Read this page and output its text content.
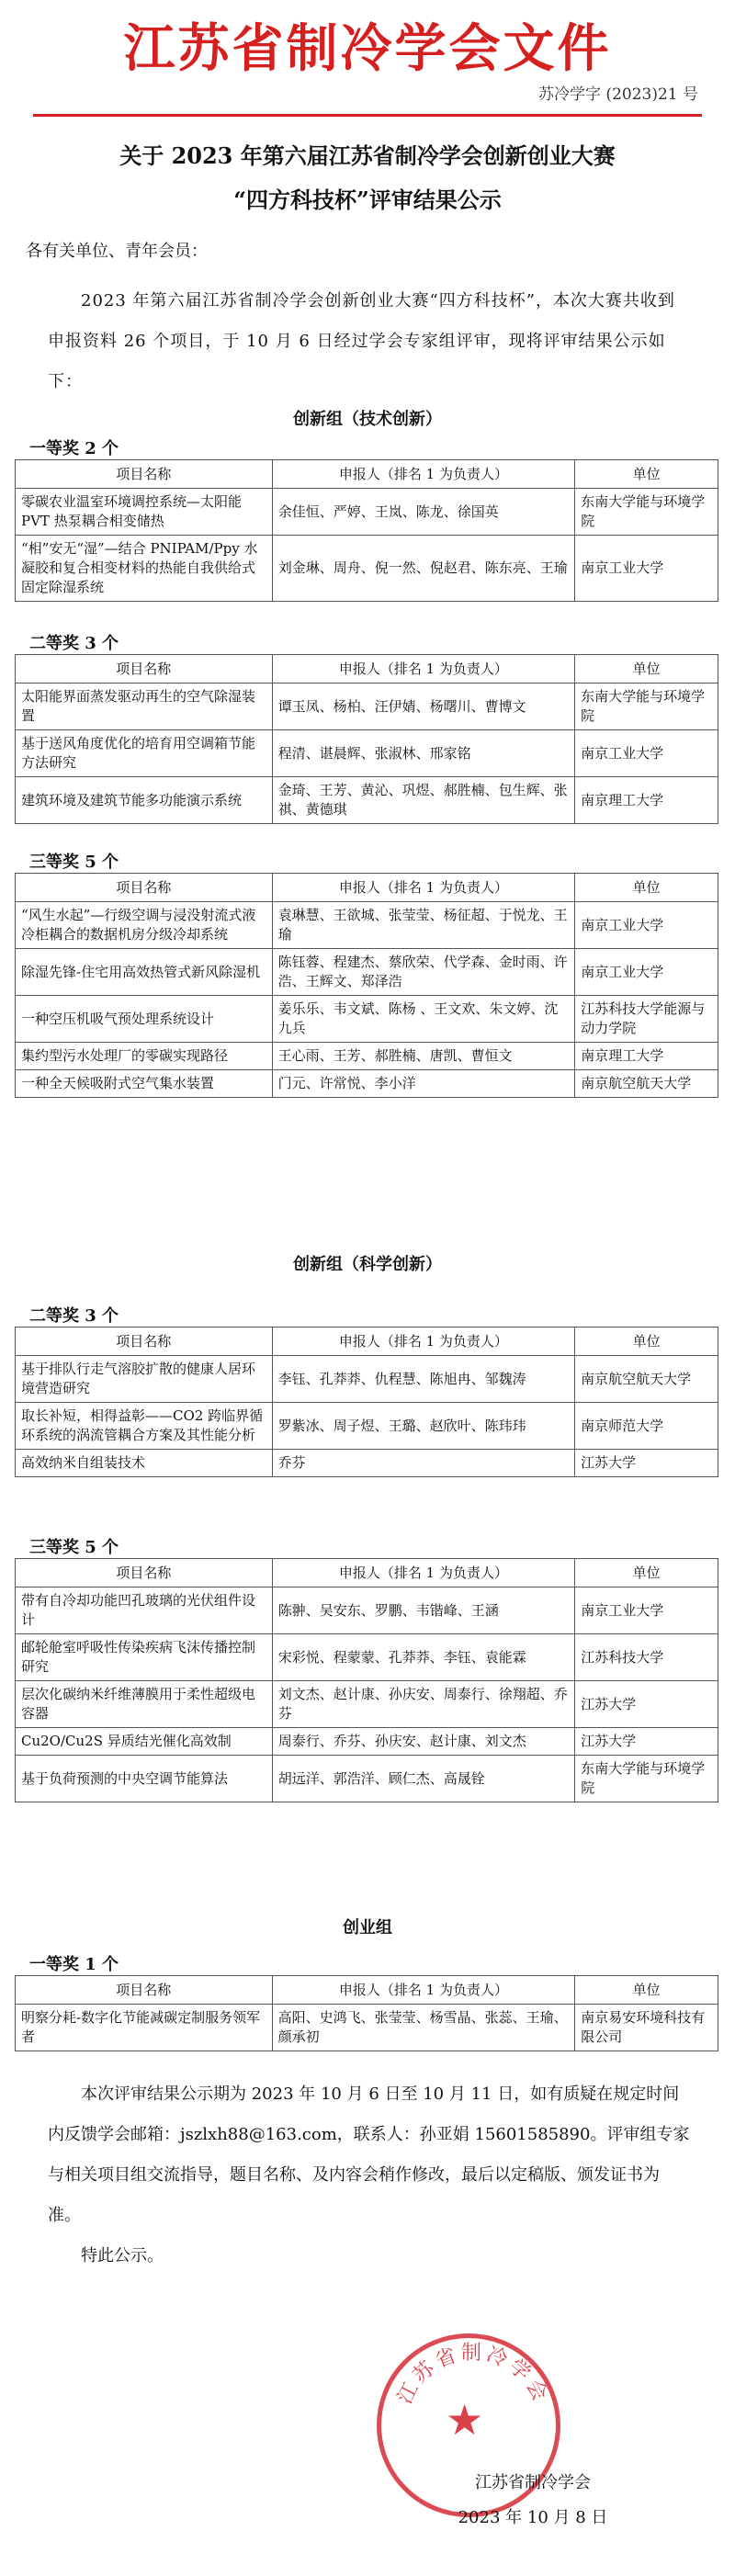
江苏省制冷学会文件
苏冷学字 (2023)21 号
关于 2023 年第六届江苏省制冷学会创新创业大赛
“四方科技杯”评审结果公示
各有关单位、青年会员：
2023 年第六届江苏省制冷学会创新创业大赛“四方科技杯”，本次大赛共收到申报资料 26 个项目，于 10 月 6 日经过学会专家组评审，现将评审结果公示如下：
创新组（技术创新）
一等奖 2 个
项目名称	申报人（排名 1 为负责人）	单位
零碳农业温室环境调控系统—太阳能 PVT 热泵耦合相变储热	余佳恒、严婷、王岚、陈龙、徐国英	东南大学能与环境学院
“相”安无“湿”—结合 PNIPAM/Ppy 水凝胶和复合相变材料的热能自我供给式固定除湿系统	刘金琳、周舟、倪一然、倪赵君、陈东亮、王瑜	南京工业大学
二等奖 3 个
项目名称	申报人（排名 1 为负责人）	单位
太阳能界面蒸发驱动再生的空气除湿装置	谭玉凤、杨柏、汪伊婧、杨曙川、曹博文	东南大学能与环境学院
基于送风角度优化的培育用空调箱节能方法研究	程清、谌晨辉、张淑林、邢家铭	南京工业大学
建筑环境及建筑节能多功能演示系统	金琦、王芳、黄沁、巩煜、郝胜楠、包生辉、张祺、黄德琪	南京理工大学
三等奖 5 个
项目名称	申报人（排名 1 为负责人）	单位
“风生水起”—行级空调与浸没射流式液冷柜耦合的数据机房分级冷却系统	袁琳慧、王欲城、张莹莹、杨征超、于悦龙、王瑜	南京工业大学
除湿先锋-住宅用高效热管式新风除湿机	陈钰蓉、程建杰、蔡欣荣、代学森、金时雨、许浩、王辉文、郑泽浩	南京工业大学
一种空压机吸气预处理系统设计	姜乐乐、韦文斌、陈杨 、王文欢、朱文婷、沈九兵	江苏科技大学能源与动力学院
集约型污水处理厂的零碳实现路径	王心雨、王芳、郝胜楠、唐凯、曹恒文	南京理工大学
一种全天候吸附式空气集水装置	门元、许常悦、李小洋	南京航空航天大学
创新组（科学创新）
二等奖 3 个
项目名称	申报人（排名 1 为负责人）	单位
基于排队行走气溶胶扩散的健康人居环境营造研究	李钰、孔莽莽、仇程慧、陈旭冉、邹魏涛	南京航空航天大学
取长补短，相得益彰——CO2 跨临界循环系统的涡流管耦合方案及其性能分析	罗紫冰、周子煜、王璐、赵欣叶、陈玮玮	南京师范大学
高效纳米自组装技术	乔芬	江苏大学
三等奖 5 个
项目名称	申报人（排名 1 为负责人）	单位
带有自冷却功能凹孔玻璃的光伏组件设计	陈翀、吴安东、罗鹏、韦锴峰、王涵	南京工业大学
邮轮舱室呼吸性传染疾病飞沫传播控制研究	宋彩悦、程蒙蒙、孔莽莽、李钰、袁能霖	江苏科技大学
层次化碳纳米纤维薄膜用于柔性超级电容器	刘文杰、赵计康、孙庆安、周泰行、徐翔超、乔芬	江苏大学
Cu2O/Cu2S 异质结光催化高效制	周泰行、乔芬、孙庆安、赵计康、刘文杰	江苏大学
基于负荷预测的中央空调节能算法	胡远洋、郭浩洋、顾仁杰、高晟铨	东南大学能与环境学院
创业组
一等奖 1 个
项目名称	申报人（排名 1 为负责人）	单位
明察分耗-数字化节能减碳定制服务领军者	高阳、史鸿飞、张莹莹、杨雪晶、张蕊、王瑜、颜承初	南京易安环境科技有限公司
本次评审结果公示期为 2023 年 10 月 6 日至 10 月 11 日，如有质疑在规定时间内反馈学会邮箱：jszlxh88@163.com，联系人：孙亚娟 15601585890。评审组专家与相关项目组交流指导，题目名称、及内容会稍作修改，最后以定稿版、颁发证书为准。
特此公示。
江苏省制冷学会
★
江苏省制冷学会
2023 年 10 月 8 日
